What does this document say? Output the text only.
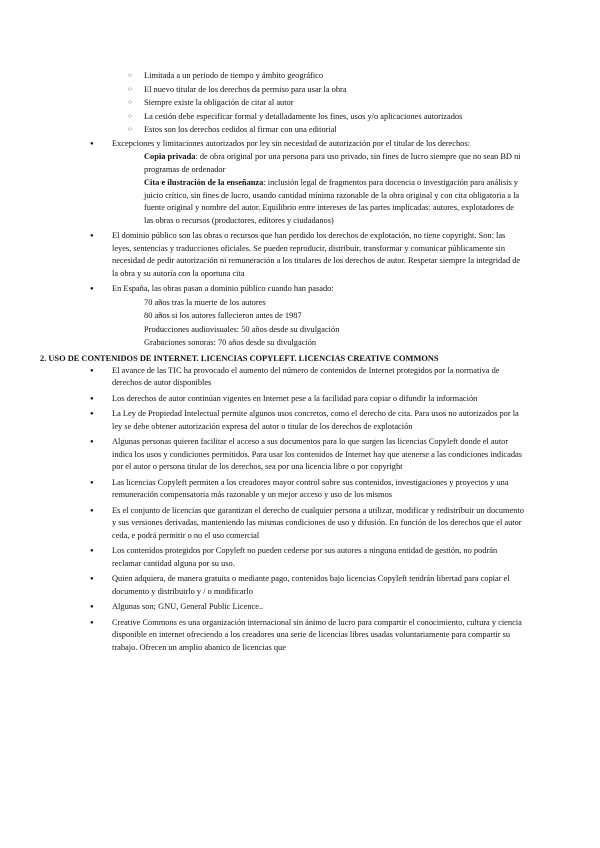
○ Limitada a un periodo de tiempo y ámbito geográfico
○ El nuevo titular de los derechos da permiso para usar la obra
○ Siempre existe la obligación de citar al autor
○ La cesión debe especificar formal y detalladamente los fines, usos y/o aplicaciones autorizados
○ Estos son los derechos cedidos al firmar con una editorial
● Excepciones y limitaciones autorizados por ley sin necesidad de autorización por el titular de los derechos:
○ Copia privada: de obra original por una persona para uso privado, sin fines de lucro siempre que no sean BD ni programas de ordenador
○ Cita e ilustración de la enseñanza: inclusión legal de fragmentos para docencia o investigación para análisis y juicio crítico, sin fines de lucro, usando cantidad mínima razonable de la obra original y con cita obligatoria a la fuente original y nombre del autor. Equilibrio entre intereses de las partes implicadas: autores, explotadores de las obras o recursos (productores, editores y ciudadanos)
● El dominio público son las obras o recursos que han perdido los derechos de explotación, no tiene copyright. Son: las leyes, sentencias y traducciones oficiales. Se pueden reproducir, distribuir, transformar y comunicar públicamente sin necesidad de pedir autorización ni remuneración a los titulares de los derechos de autor. Respetar siempre la integridad de la obra y su autoría con la oportuna cita
● En España, las obras pasan a dominio público cuando han pasado:
○ 70 años tras la muerte de los autores
○ 80 años si los autores fallecieron antes de 1987
○ Producciones audiovisuales: 50 años desde su divulgación
○ Grabaciones sonoras: 70 años desde su divulgación

2. USO DE CONTENIDOS DE INTERNET. LICENCIAS COPYLEFT. LICENCIAS CREATIVE COMMONS

● El avance de las TIC ha provocado el aumento del número de contenidos de Internet protegidos por la normativa de derechos de autor disponibles
● Los derechos de autor continúan vigentes en Internet pese a la facilidad para copiar o difundir la información
● La Ley de Propiedad Intelectual permite algunos usos concretos, como el derecho de cita. Para usos no autorizados por la ley se debe obtener autorización expresa del autor o titular de los derechos de explotación
● Algunas personas quieren facilitar el acceso a sus documentos para lo que surgen las licencias Copyleft donde el autor indica los usos y condiciones permitidos. Para usar los contenidos de Internet hay que atenerse a las condiciones indicadas por el autor o persona titular de los derechos, sea por una licencia libre o por copyright
● Las licencias Copyleft permiten a los creadores mayor control sobre sus contenidos, investigaciones y proyectos y una remuneración compensatoria más razonable y un mejor acceso y uso de los mismos
● Es el conjunto de licencias que garantizan el derecho de cualquier persona a utilizar, modificar y redistribuir un documento y sus versiones derivadas, manteniendo las mismas condiciones de uso y difusión. En función de los derechos que el autor ceda, e podrá permitir o no el uso comercial
● Los contenidos protegidos por Copyleft no pueden cederse por sus autores a ninguna entidad de gestión, no podrán reclamar cantidad alguna por su uso.
● Quien adquiera, de manera gratuita o mediante pago, contenidos bajo licencias Copyleft tendrán libertad para copiar el documento y distribuirlo y / o modificarlo
● Algunas son; GNU, General Public Licence..
● Creative Commons es una organización internacional sin ánimo de lucro para compartir el conocimiento, cultura y ciencia disponible en internet ofreciendo a los creadores una serie de licencias libres usadas voluntariamente para compartir su trabajo. Ofrecen un amplio abanico de licencias que
